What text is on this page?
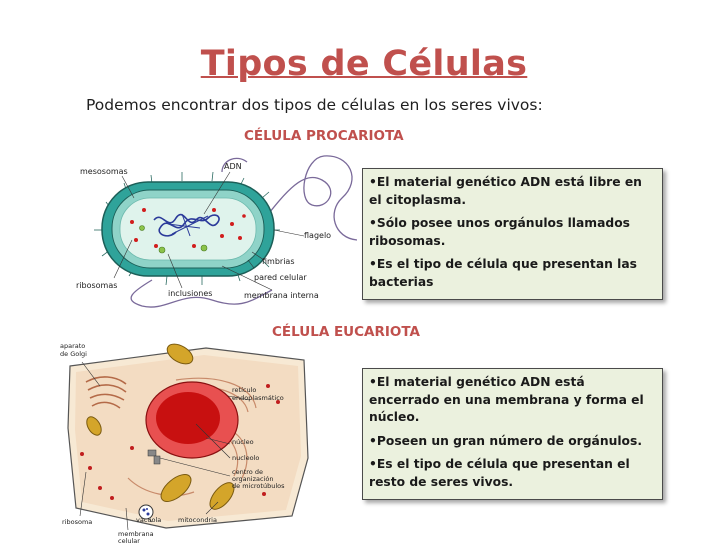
Tipos de Células
Podemos encontrar dos tipos de células en los seres vivos:
CÉLULA PROCARIOTA
mesosomas
ADN
flagelo
fimbrias
pared celular
ribosomas
inclusiones	membrana interna

•El material genético ADN está libre en el citoplasma.

•Sólo posee unos orgánulos llamados ribosomas.

•Es el tipo de célula que presentan las bacterias

CÉLULA EUCARIOTA
aparato
de Golgi
retículo
endoplasmático
núcleo
nucleolo
centro de
organización
de microtúbulos
ribosoma	vacuola	mitocondria
membrana
celular

•El material genético ADN está encerrado en una membrana y forma el núcleo.

•Poseen un gran número de orgánulos.

•Es el tipo de célula que presentan el resto de seres vivos.
